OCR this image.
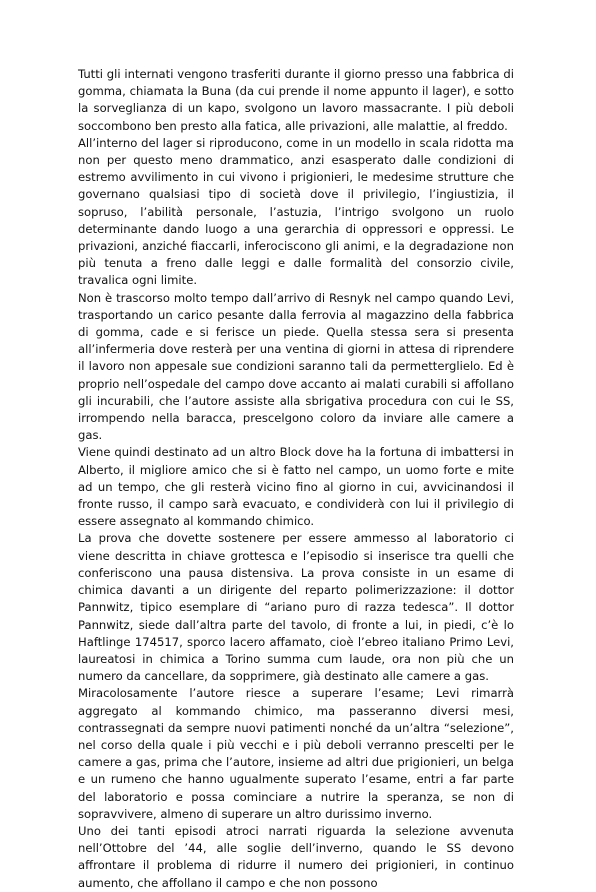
Tutti gli internati vengono trasferiti durante il giorno presso una fabbrica di gomma, chiamata la Buna (da cui prende il nome appunto il lager), e sotto la sorveglianza di un kapo, svolgono un lavoro massacrante. I più deboli soccombono ben presto alla fatica, alle privazioni, alle malattie, al freddo.

All’interno del lager si riproducono, come in un modello in scala ridotta ma non per questo meno drammatico, anzi esasperato dalle condizioni di estremo avvilimento in cui vivono i prigionieri, le medesime strutture che governano qualsiasi tipo di società dove il privilegio, l’ingiustizia, il sopruso, l’abilità personale, l’astuzia, l’intrigo svolgono un ruolo determinante dando luogo a una gerarchia di oppressori e oppressi. Le privazioni, anziché fiaccarli, inferociscono gli animi, e la degradazione non più tenuta a freno dalle leggi e dalle formalità del consorzio civile, travalica ogni limite.

Non è trascorso molto tempo dall’arrivo di Resnyk nel campo quando Levi, trasportando un carico pesante dalla ferrovia al magazzino della fabbrica di gomma, cade e si ferisce un piede. Quella stessa sera si presenta all’infermeria dove resterà per una ventina di giorni in attesa di riprendere il lavoro non appesale sue condizioni saranno tali da permetterglielo. Ed è proprio nell’ospedale del campo dove accanto ai malati curabili si affollano gli incurabili, che l’autore assiste alla sbrigativa procedura con cui le SS, irrompendo nella baracca, prescelgono coloro da inviare alle camere a gas.

Viene quindi destinato ad un altro Block dove ha la fortuna di imbattersi in Alberto, il migliore amico che si è fatto nel campo, un uomo forte e mite ad un tempo, che gli resterà vicino fino al giorno in cui, avvicinandosi il fronte russo, il campo sarà evacuato, e condividerà con lui il privilegio di essere assegnato al kommando chimico.

La prova che dovette sostenere per essere ammesso al laboratorio ci viene descritta in chiave grottesca e l’episodio si inserisce tra quelli che conferiscono una pausa distensiva. La prova consiste in un esame di chimica davanti a un dirigente del reparto polimerizzazione: il dottor Pannwitz, tipico esemplare di “ariano puro di razza tedesca”. Il dottor Pannwitz, siede dall’altra parte del tavolo, di fronte a lui, in piedi, c’è lo Haftlinge 174517, sporco lacero affamato, cioè l’ebreo italiano Primo Levi, laureatosi in chimica a Torino summa cum laude, ora non più che un numero da cancellare, da sopprimere, già destinato alle camere a gas.

Miracolosamente l’autore riesce a superare l’esame; Levi rimarrà aggregato al kommando chimico, ma passeranno diversi mesi, contrassegnati da sempre nuovi patimenti nonché da un’altra “selezione”, nel corso della quale i più vecchi e i più deboli verranno prescelti per le camere a gas, prima che l’autore, insieme ad altri due prigionieri, un belga e un rumeno che hanno ugualmente superato l’esame, entri a far parte del laboratorio e possa cominciare a nutrire la speranza, se non di sopravvivere, almeno di superare un altro durissimo inverno.

Uno dei tanti episodi atroci narrati riguarda la selezione avvenuta nell’Ottobre del ’44, alle soglie dell’inverno, quando le SS devono affrontare il problema di ridurre il numero dei prigionieri, in continuo aumento, che affollano il campo e che non possono
